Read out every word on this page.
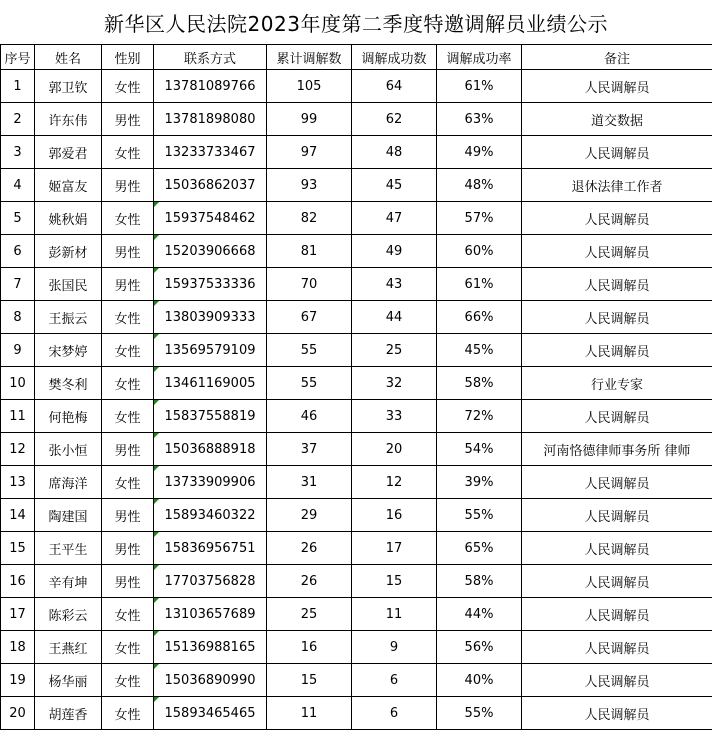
新华区人民法院2023年度第二季度特邀调解员业绩公示
序号	姓名	性别	联系方式	累计调解数	调解成功数	调解成功率	备注
1	郭卫钦	女性	13781089766	105	64	61%	人民调解员
2	许东伟	男性	13781898080	99	62	63%	道交数据
3	郭爱君	女性	13233733467	97	48	49%	人民调解员
4	姬富友	男性	15036862037	93	45	48%	退休法律工作者
5	姚秋娟	女性	15937548462	82	47	57%	人民调解员
6	彭新材	男性	15203906668	81	49	60%	人民调解员
7	张国民	男性	15937533336	70	43	61%	人民调解员
8	王振云	女性	13803909333	67	44	66%	人民调解员
9	宋梦婷	女性	13569579109	55	25	45%	人民调解员
10	樊冬利	女性	13461169005	55	32	58%	行业专家
11	何艳梅	女性	15837558819	46	33	72%	人民调解员
12	张小恒	男性	15036888918	37	20	54%	河南恪德律师事务所 律师
13	席海洋	女性	13733909906	31	12	39%	人民调解员
14	陶建国	男性	15893460322	29	16	55%	人民调解员
15	王平生	男性	15836956751	26	17	65%	人民调解员
16	辛有坤	男性	17703756828	26	15	58%	人民调解员
17	陈彩云	女性	13103657689	25	11	44%	人民调解员
18	王燕红	女性	15136988165	16	9	56%	人民调解员
19	杨华丽	女性	15036890990	15	6	40%	人民调解员
20	胡莲香	女性	15893465465	11	6	55%	人民调解员
